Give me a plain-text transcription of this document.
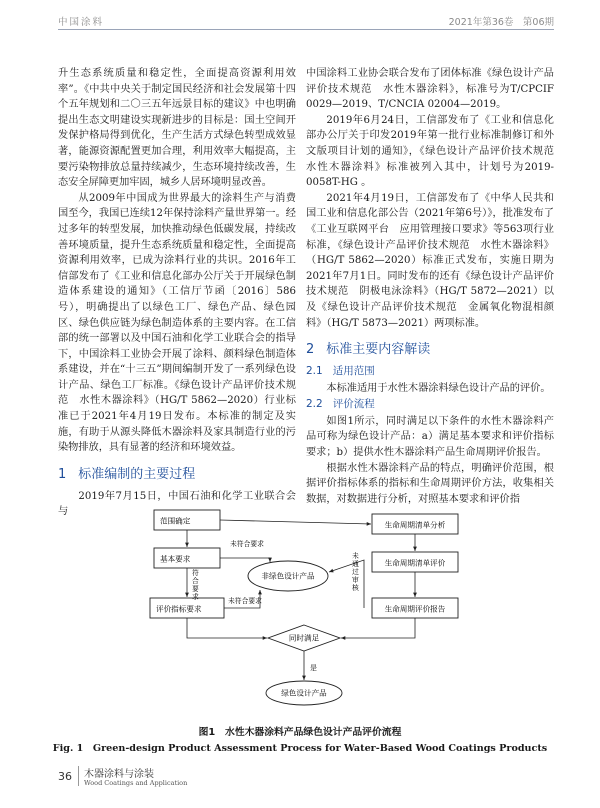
中国涂料	2021年第36卷　第06期

升生态系统质量和稳定性，全面提高资源利用效率”。《中共中央关于制定国民经济和社会发展第十四个五年规划和二〇三五年远景目标的建议》中也明确提出生态文明建设实现新进步的目标是：国土空间开发保护格局得到优化，生产生活方式绿色转型成效显著，能源资源配置更加合理，利用效率大幅提高，主要污染物排放总量持续减少，生态环境持续改善，生态安全屏障更加牢固，城乡人居环境明显改善。

从2009年中国成为世界最大的涂料生产与消费国至今，我国已连续12年保持涂料产量世界第一。经过多年的转型发展，加快推动绿色低碳发展，持续改善环境质量，提升生态系统质量和稳定性，全面提高资源利用效率，已成为涂料行业的共识。2016年工信部发布了《工业和信息化部办公厅关于开展绿色制造体系建设的通知》（工信厅节函〔2016〕586号），明确提出了以绿色工厂、绿色产品、绿色园区、绿色供应链为绿色制造体系的主要内容。在工信部的统一部署以及中国石油和化学工业联合会的指导下，中国涂料工业协会开展了涂料、颜料绿色制造体系建设，并在“十三五”期间编制开发了一系列绿色设计产品、绿色工厂标准。《绿色设计产品评价技术规范　水性木器涂料》（HG/T 5862—2020）行业标准已于2021年4月19日发布。本标准的制定及实施，有助于从源头降低木器涂料及家具制造行业的污染物排放，具有显著的经济和环境效益。

1 标准编制的主要过程

2019年7月15日，中国石油和化学工业联合会与

中国涂料工业协会联合发布了团体标准《绿色设计产品评价技术规范　水性木器涂料》，标准号为T/CPCIF 0029—2019、T/CNCIA 02004—2019。

2019年6月24日，工信部发布了《工业和信息化部办公厅关于印发2019年第一批行业标准制修订和外文版项目计划的通知》，《绿色设计产品评价技术规范　水性木器涂料》标准被列入其中，计划号为2019-0058T-HG 。

2021年4月19日，工信部发布了《中华人民共和国工业和信息化部公告（2021年第6号）》，批准发布了《工业互联网平台　应用管理接口要求》等563项行业标准，《绿色设计产品评价技术规范　水性木器涂料》（HG/T 5862—2020）标准正式发布，实施日期为2021年7月1日。同时发布的还有《绿色设计产品评价技术规范　阴极电泳涂料》（HG/T 5872—2021）以及《绿色设计产品评价技术规范　金属氧化物混相颜料》（HG/T 5873—2021）两项标准。

2 标准主要内容解读
2.1 适用范围

本标准适用于水性木器涂料绿色设计产品的评价。

2.2 评价流程

如图1所示，同时满足以下条件的水性木器涂料产品可称为绿色设计产品：a）满足基本要求和评价指标要求；b）提供水性木器涂料产品生命周期评价报告。

根据水性木器涂料产品的特点，明确评价范围，根据评价指标体系的指标和生命周期评价方法，收集相关数据，对数据进行分析，对照基本要求和评价指

范围确定
基本要求
评价指标要求
非绿色设计产品
生命周期清单分析
生命周期清单评价
生命周期评价报告
同时满足
绿色设计产品
未符合要求
未符合要求
符合要求
未通过审核
是
图1　水性木器涂料产品绿色设计产品评价流程
Fig. 1　Green-design Product Assessment Process for Water-Based Wood Coatings Products
36 木器涂料与涂装
Wood Coatings and Application
